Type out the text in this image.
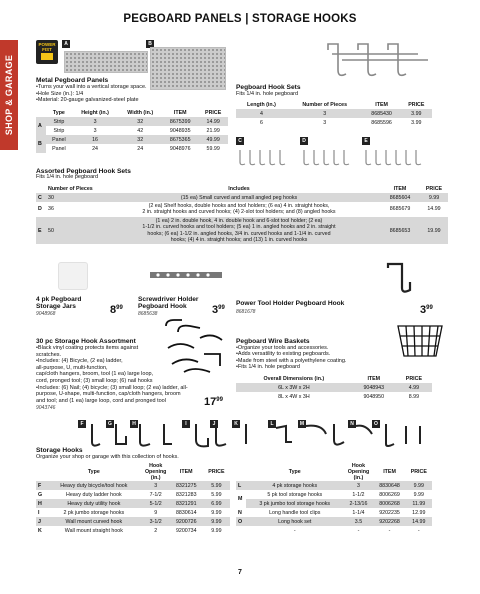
PEGBOARD PANELS | STORAGE HOOKS
SHOP & GARAGE
POWER FIST
A	B
Metal Pegboard Panels
•Turns your wall into a vertical storage space.
•Hole Size (in.): 1/4
•Material: 20-gauge galvanized-steel plate
	Type	Height (in.)	Width (in.)	ITEM	PRICE
A	Strip	3	32	8675399	14.99
	Strip	3	42	9048935	21.99
B	Panel	16	32	8675365	49.99
	Panel	24	24	9048976	59.99
Pegboard Hook Sets
Fits 1/4 in. hole pegboard
Length (in.)	Number of Pieces	ITEM	PRICE
4	3	8685430	3.99
6	3	8685596	3.99
C	D	E
Assorted Pegboard Hook Sets
Fits 1/4 in. hole pegboard
	Number of Pieces	Includes	ITEM	PRICE
C	30	(15 ea) Small curved and small angled peg hooks	8685604	9.99
D	36	(2 ea) Shelf hooks, double hooks and tool holders; (6 ea) 4 in. straight hooks,
2 in. straight hooks and curved hooks; (4) 2-slot tool holders; and (8) angled hooks	8685679	14.99
E	50	(1 ea) 2 in. double hook, 4 in. double hook and 6-slot tool holder; (2 ea)
1-1/2 in. curved hooks and tool holders; (5 ea) 1 in. angled hooks and 2 in. straight
hooks; (6 ea) 1-1/2 in. angled hooks, 3/4 in. curved hooks and 1-1/4 in. curved
hooks; (4) 4 in. straight hooks; and (13) 1 in. curved hooks	8685653	19.99
4 pk Pegboard
Storage Jars
9048968	$8^{99}$
Screwdriver Holder
Pegboard Hook
8685638	$3^{99}$
Power Tool Holder Pegboard Hook
8681678	$3^{99}$
30 pc Storage Hook Assortment
•Black vinyl coating protects items against
scratches.
•Includes: (4) Bicycle, (2 ea) ladder,
all-purpose, U, multi-function,
cap/cloth hangers, broom, tool (1 ea) large loop,
cord, pronged tool; (3) small loop; (6) nail hooks
•Includes: (6) Nail; (4) bicycle; (3) small loop; (2 ea) ladder, all-
purpose, U-shape, multi-function, cap/cloth hangers, broom
and tool; and (1 ea) large loop, cord and pronged tool
9043746	$17^{99}$
Pegboard Wire Baskets
•Organize your tools and accessories.
•Adds versatility to existing pegboards.
•Made from steel with a polyethylene coating.
•Fits 1/4 in. hole pegboard
Overall Dimensions (in.)	ITEM	PRICE
6L x 3W x 2H	9048943	4.99
8L x 4W x 3H	9048950	8.99
F	G	H	I	J	K	L	M	N	O
Storage Hooks
Organize your shop or garage with this collection of hooks.
	Type	Hook Opening (in.)	ITEM	PRICE
F	Heavy duty bicycle/tool hook	3	8321275	5.99
G	Heavy duty ladder hook	7-1/2	8321283	5.99
H	Heavy duty utility hook	5-1/2	8321291	6.99
I	2 pk jumbo storage hooks	9	8830614	9.99
J	Wall mount curved hook	3-1/2	9200726	9.99
K	Wall mount straight hook	2	9200734	9.99
	Type	Hook Opening (in.)	ITEM	PRICE
L	4 pk storage hooks	3	8830648	9.99
M	5 pk tool storage hooks	1-1/2	8006269	9.99
	3 pk jumbo tool storage hooks	2-13/16	8006268	11.99
N	Long handle tool clips	1-1/4	9202235	12.99
O	Long hook set	3.5	9202268	14.99
	-	-	-	-
7
